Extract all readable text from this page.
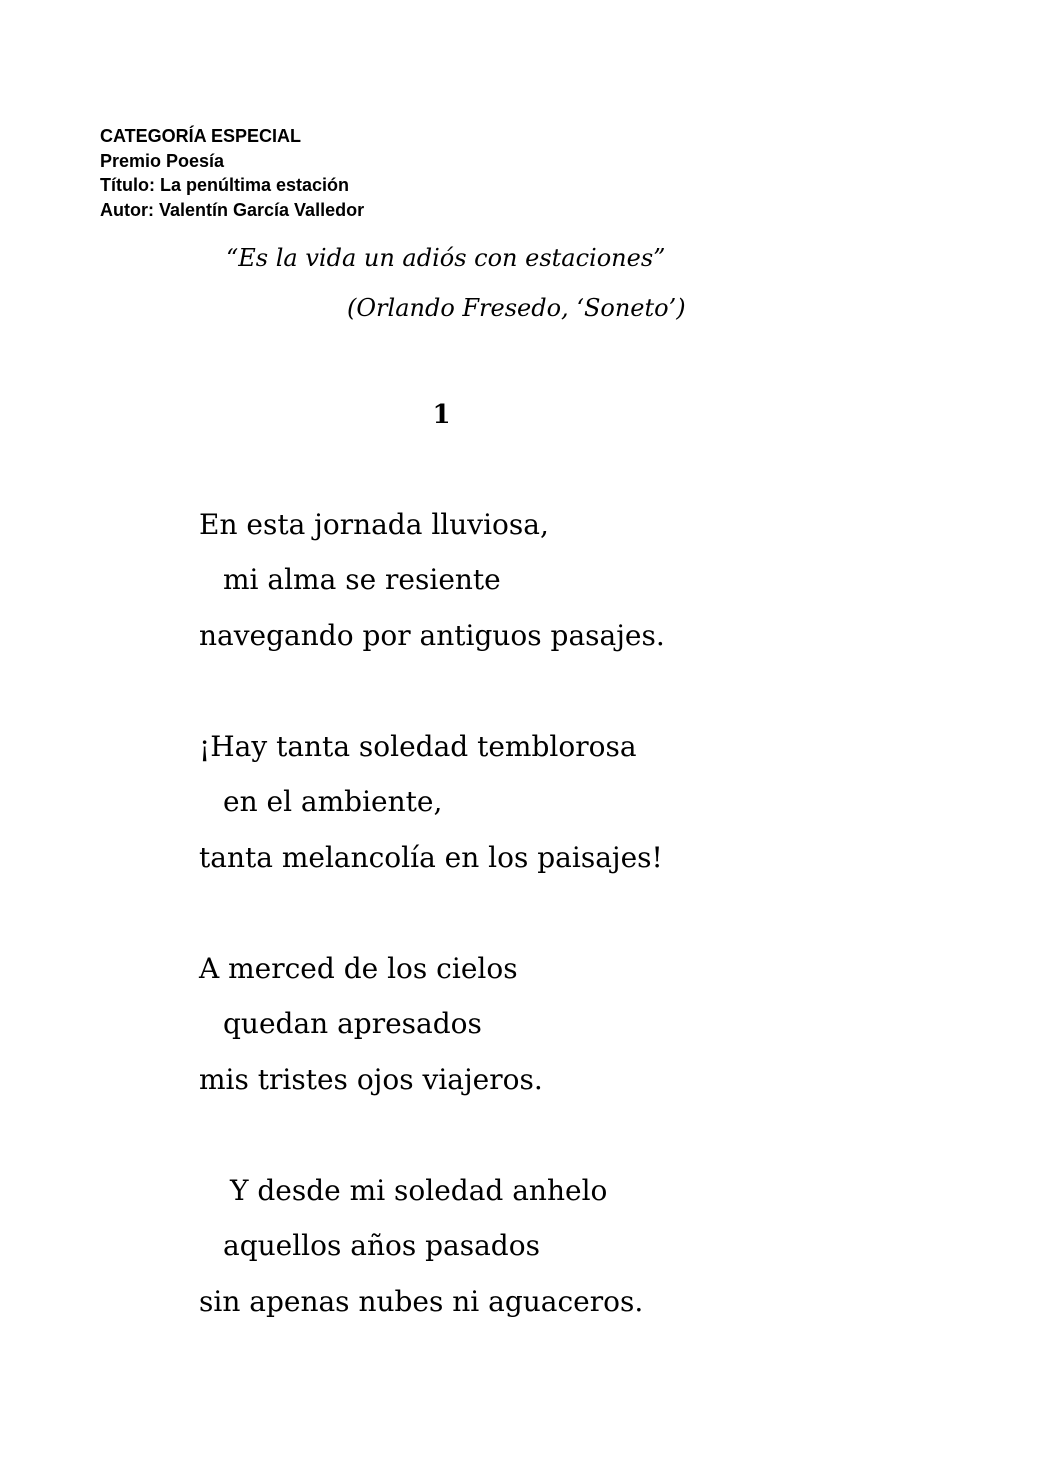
CATEGORÍA ESPECIAL
Premio Poesía
Título: La penúltima estación
Autor: Valentín García Valledor
“Es la vida un adiós con estaciones”
(Orlando Fresedo, ‘Soneto’)
1
En esta jornada lluviosa,
mi alma se resiente
navegando por antiguos pasajes.
¡Hay tanta soledad temblorosa
en el ambiente,
tanta melancolía en los paisajes!
A merced de los cielos
quedan apresados
mis tristes ojos viajeros.
Y desde mi soledad anhelo
aquellos años pasados
sin apenas nubes ni aguaceros.
